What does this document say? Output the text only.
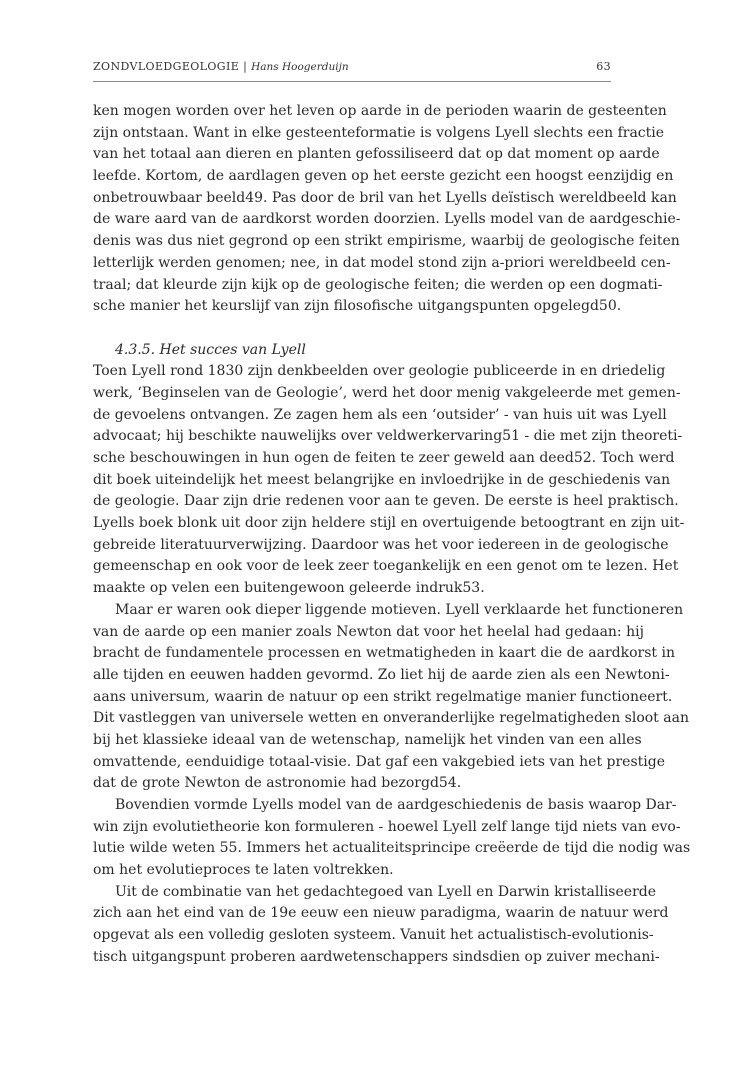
ZONDVLOEDGEOLOGIE | Hans Hoogerduijn	63
ken mogen worden over het leven op aarde in de perioden waarin de gesteenten
zijn ontstaan. Want in elke gesteenteformatie is volgens Lyell slechts een fractie
van het totaal aan dieren en planten gefossiliseerd dat op dat moment op aarde
leefde. Kortom, de aardlagen geven op het eerste gezicht een hoogst eenzijdig en
onbetrouwbaar beeld49. Pas door de bril van het Lyells deïstisch wereldbeeld kan
de ware aard van de aardkorst worden doorzien. Lyells model van de aardgeschie-
denis was dus niet gegrond op een strikt empirisme, waarbij de geologische feiten
letterlijk werden genomen; nee, in dat model stond zijn a-priori wereldbeeld cen-
traal; dat kleurde zijn kijk op de geologische feiten; die werden op een dogmati-
sche manier het keurslijf van zijn filosofische uitgangspunten opgelegd50.
4.3.5. Het succes van Lyell
Toen Lyell rond 1830 zijn denkbeelden over geologie publiceerde in en driedelig
werk, ‘Beginselen van de Geologie’, werd het door menig vakgeleerde met gemen-
de gevoelens ontvangen. Ze zagen hem als een ‘outsider’ - van huis uit was Lyell
advocaat; hij beschikte nauwelijks over veldwerkervaring51 - die met zijn theoreti-
sche beschouwingen in hun ogen de feiten te zeer geweld aan deed52. Toch werd
dit boek uiteindelijk het meest belangrijke en invloedrijke in de geschiedenis van
de geologie. Daar zijn drie redenen voor aan te geven. De eerste is heel praktisch.
Lyells boek blonk uit door zijn heldere stijl en overtuigende betoogtrant en zijn uit-
gebreide literatuurverwijzing. Daardoor was het voor iedereen in de geologische
gemeenschap en ook voor de leek zeer toegankelijk en een genot om te lezen. Het
maakte op velen een buitengewoon geleerde indruk53.
Maar er waren ook dieper liggende motieven. Lyell verklaarde het functioneren
van de aarde op een manier zoals Newton dat voor het heelal had gedaan: hij
bracht de fundamentele processen en wetmatigheden in kaart die de aardkorst in
alle tijden en eeuwen hadden gevormd. Zo liet hij de aarde zien als een Newtoni-
aans universum, waarin de natuur op een strikt regelmatige manier functioneert.
Dit vastleggen van universele wetten en onveranderlijke regelmatigheden sloot aan
bij het klassieke ideaal van de wetenschap, namelijk het vinden van een alles
omvattende, eenduidige totaal-visie. Dat gaf een vakgebied iets van het prestige
dat de grote Newton de astronomie had bezorgd54.
Bovendien vormde Lyells model van de aardgeschiedenis de basis waarop Dar-
win zijn evolutietheorie kon formuleren - hoewel Lyell zelf lange tijd niets van evo-
lutie wilde weten 55. Immers het actualiteitsprincipe creëerde de tijd die nodig was
om het evolutieproces te laten voltrekken.
Uit de combinatie van het gedachtegoed van Lyell en Darwin kristalliseerde
zich aan het eind van de 19e eeuw een nieuw paradigma, waarin de natuur werd
opgevat als een volledig gesloten systeem. Vanuit het actualistisch-evolutionis-
tisch uitgangspunt proberen aardwetenschappers sindsdien op zuiver mechani-
